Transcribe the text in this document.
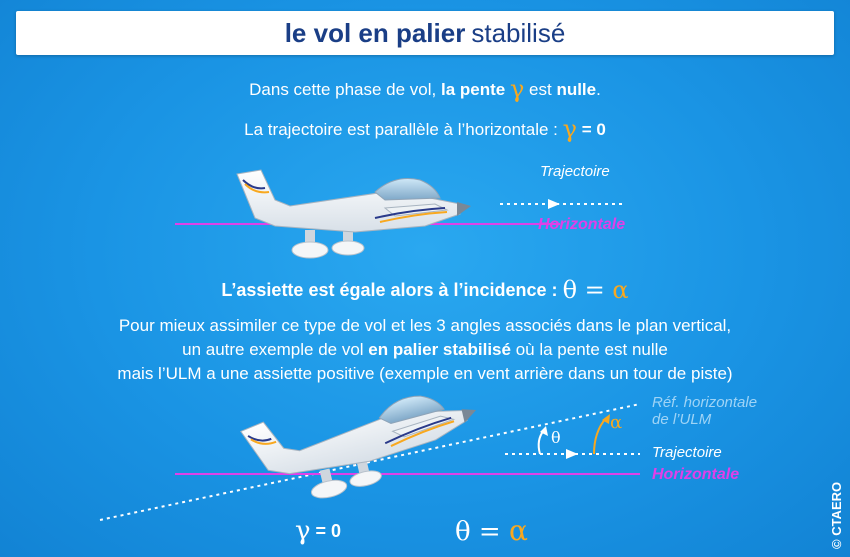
le vol en palier stabilisé
Dans cette phase de vol, la pente γ est nulle.
La trajectoire est parallèle à l’horizontale : γ = 0
Trajectoire
Horizontale
L’assiette est égale alors à l’incidence : θ = α
Pour mieux assimiler ce type de vol et les 3 angles associés dans le plan vertical,
un autre exemple de vol en palier stabilisé où la pente est nulle
mais l’ULM a une assiette positive (exemple en vent arrière dans un tour de piste)
Réf. horizontale
de l’ULM
Trajectoire
Horizontale
θ
α
γ = 0	θ = α	© CTAERO
